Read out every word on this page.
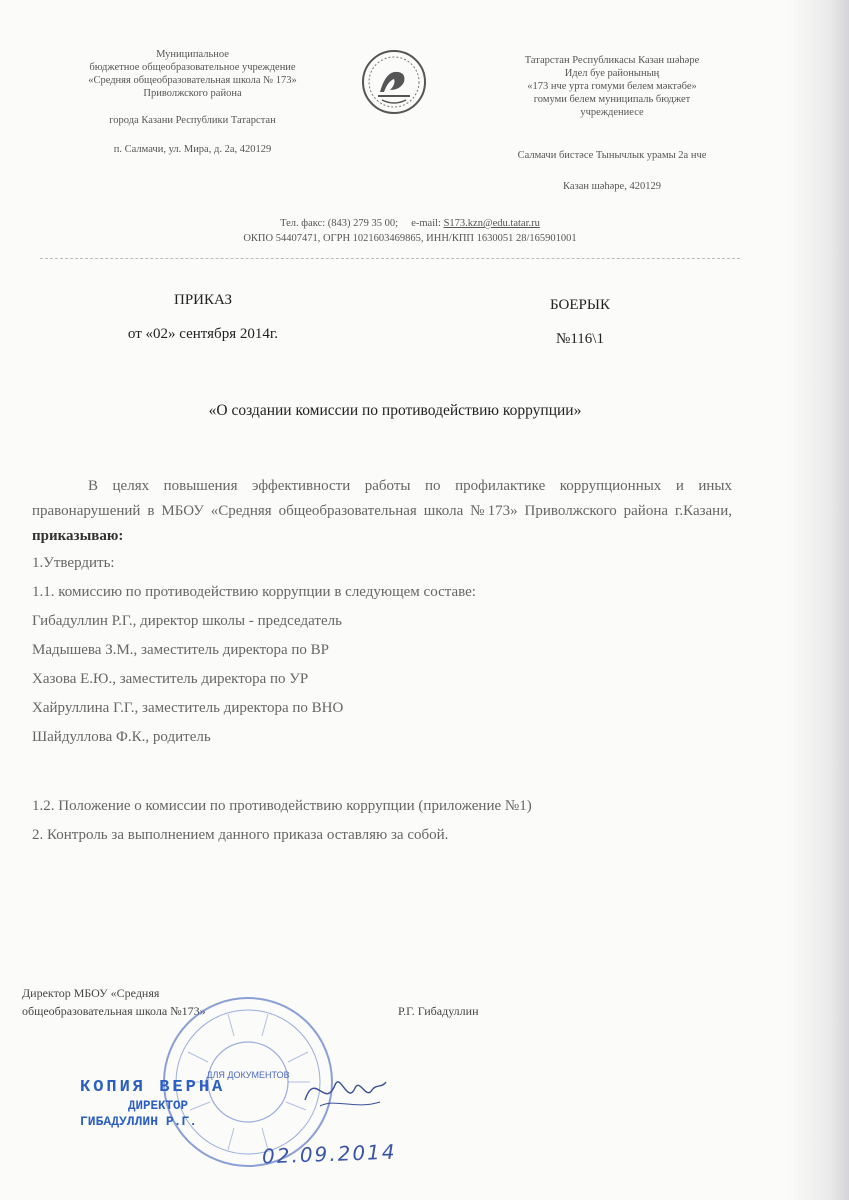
Муниципальное
бюджетное общеобразовательное учреждение
«Средняя общеобразовательная школа № 173»
Приволжского района
города Казани Республики Татарстан
п. Салмачи, ул. Мира, д. 2а, 420129
Татарстан Республикасы Казан шәһәре
Идел буе районының
«173 нче урта гомуми белем мәктәбе»
гомуми белем муниципаль бюджет
учреждениесе
Салмачи бистәсе Тынычлык урамы 2а нче
Казан шәһәре, 420129
Тел. факс: (843) 279 35 00; e-mail: S173.kzn@edu.tatar.ru
ОКПО 54407471, ОГРН 1021603469865, ИНН/КПП 1630051 28/165901001
ПРИКАЗ
от «02» сентября 2014г.
БОЕРЫК
№116\1
«О создании комиссии по противодействию коррупции»

В целях повышения эффективности работы по профилактике коррупционных и иных правонарушений в МБОУ «Средняя общеобразовательная школа №173» Приволжского района г.Казани,

приказываю:

1.Утвердить:

1.1. комиссию по противодействию коррупции в следующем составе:

Гибадуллин Р.Г., директор школы - председатель

Мадышева З.М., заместитель директора по ВР

Хазова Е.Ю., заместитель директора по УР

Хайруллина Г.Г., заместитель директора по ВНО

Шайдуллова Ф.К., родитель

1.2. Положение о комиссии по противодействию коррупции (приложение №1)

2. Контроль за выполнением данного приказа оставляю за собой.

Директор МБОУ «Средняя
общеобразовательная школа №173»	Р.Г. Гибадуллин
ДЛЯ ДОКУМЕНТОВ
КОПИЯ ВЕРНА
ДИРЕКТОР
ГИБАДУЛЛИН Р.Г.
02.09.2014
